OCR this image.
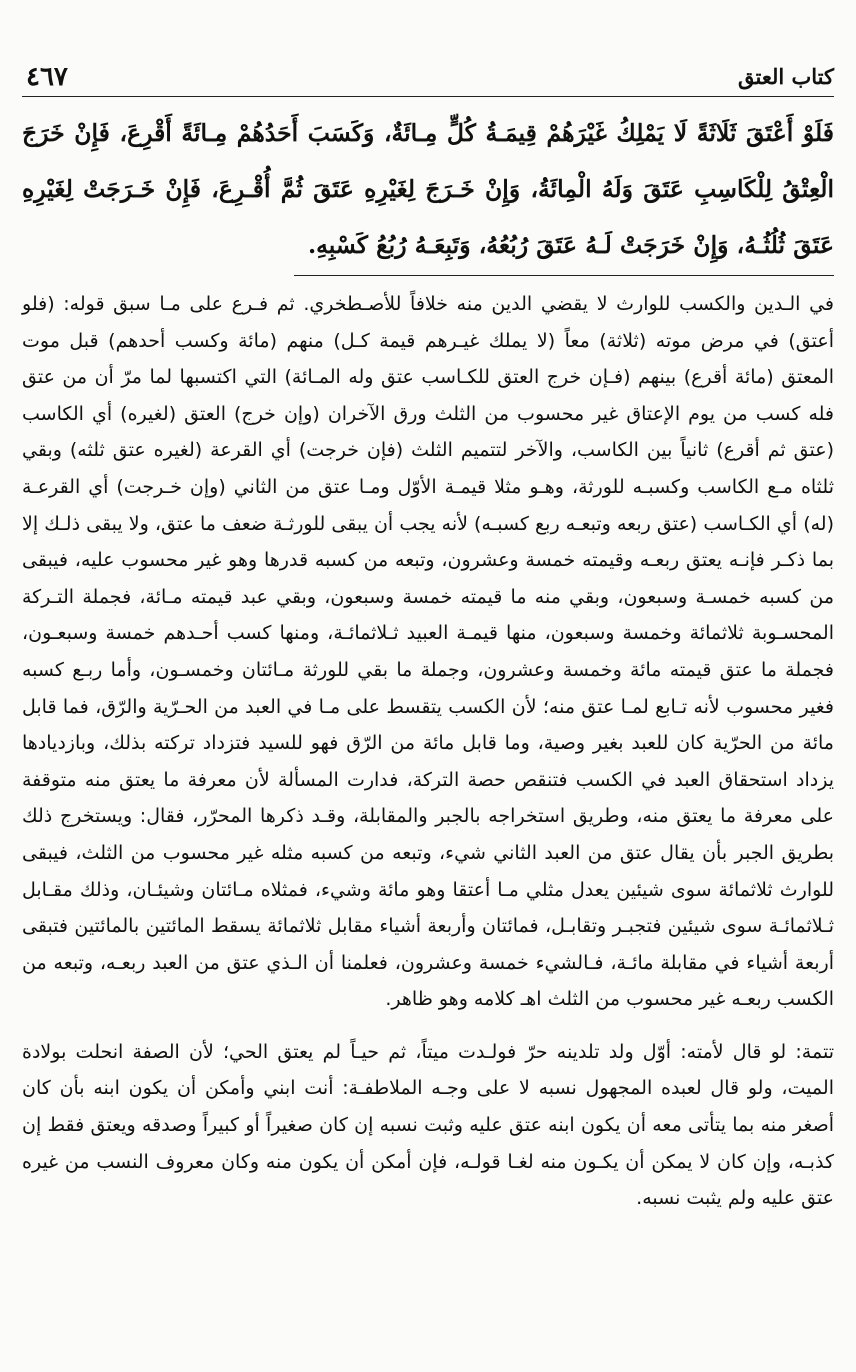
كتاب العتق
٤٦٧
فَلَوْ أَعْتَقَ ثَلَاثَةً لَا يَمْلِكُ غَيْرَهُمْ قِيمَـةُ كُلٍّ مِـائَةٌ، وَكَسَبَ أَحَدُهُمْ مِـائَةً أَقْرِعَ، فَإِنْ خَرَجَ الْعِتْقُ لِلْكَاسِبِ عَتَقَ وَلَهُ الْمِائَةُ، وَإِنْ خَـرَجَ لِغَيْرِهِ عَتَقَ ثُمَّ أُقْـرِعَ، فَإِنْ خَـرَجَتْ لِغَيْرِهِ عَتَقَ ثُلُثُـهُ، وَإِنْ خَرَجَتْ لَـهُ عَتَقَ رُبُعُهُ، وَتَبِعَـهُ رُبُعُ كَسْبِهِ.
في الـدين والكسب للوارث لا يقضي الدين منه خلافاً للأصـطخري. ثم فـرع على مـا سبق قوله: (فلو أعتق) في مرض موته (ثلاثة) معاً (لا يملك غيـرهم قيمة كـل) منهم (مائة وكسب أحدهم) قبل موت المعتق (مائة أقرع) بينهم (فـإن خرج العتق للكـاسب عتق وله المـائة) التي اكتسبها لما مرّ أن من عتق فله كسب من يوم الإعتاق غير محسوب من الثلث ورق الآخران (وإن خرج) العتق (لغيره) أي الكاسب (عتق ثم أقرع) ثانياً بين الكاسب، والآخر لتتميم الثلث (فإن خرجت) أي القرعة (لغيره عتق ثلثه) وبقي ثلثاه مـع الكاسب وكسبـه للورثة، وهـو مثلا قيمـة الأوّل ومـا عتق من الثاني (وإن خـرجت) أي القرعـة (له) أي الكـاسب (عتق ربعه وتبعـه ربع كسبـه) لأنه يجب أن يبقى للورثـة ضعف ما عتق، ولا يبقى ذلـك إلا بما ذكـر فإنـه يعتق ربعـه وقيمته خمسة وعشرون، وتبعه من كسبه قدرها وهو غير محسوب عليه، فيبقى من كسبه خمسـة وسبعون، وبقي منه ما قيمته خمسة وسبعون، وبقي عبد قيمته مـائة، فجملة التـركة المحسـوبة ثلاثمائة وخمسة وسبعون، منها قيمـة العبيد ثـلاثمائـة، ومنها كسب أحـدهم خمسة وسبعـون، فجملة ما عتق قيمته مائة وخمسة وعشرون، وجملة ما بقي للورثة مـائتان وخمسـون، وأما ربـع كسبه فغير محسوب لأنه تـابع لمـا عتق منه؛ لأن الكسب يتقسط على مـا في العبد من الحـرّية والرّق، فما قابل مائة من الحرّية كان للعبد بغير وصية، وما قابل مائة من الرّق فهو للسيد فتزداد تركته بذلك، وبازديادها يزداد استحقاق العبد في الكسب فتنقص حصة التركة، فدارت المسألة لأن معرفة ما يعتق منه متوقفة على معرفة ما يعتق منه، وطريق استخراجه بالجبر والمقابلة، وقـد ذكرها المحرّر، فقال: ويستخرج ذلك بطريق الجبر بأن يقال عتق من العبد الثاني شيء، وتبعه من كسبه مثله غير محسوب من الثلث، فيبقى للوارث ثلاثمائة سوى شيئين يعدل مثلي مـا أعتقا وهو مائة وشيء، فمثلاه مـائتان وشيئـان، وذلك مقـابل ثـلاثمائـة سوى شيئين فتجبـر وتقابـل، فمائتان وأربعة أشياء مقابل ثلاثمائة يسقط المائتين بالمائتين فتبقى أربعة أشياء في مقابلة مائـة، فـالشيء خمسة وعشرون، فعلمنا أن الـذي عتق من العبد ربعـه، وتبعه من الكسب ربعـه غير محسوب من الثلث اهـ كلامه وهو ظاهر.
تتمة: لو قال لأمته: أوّل ولد تلدينه حرّ فولـدت ميتاً، ثم حيـاً لم يعتق الحي؛ لأن الصفة انحلت بولادة الميت، ولو قال لعبده المجهول نسبه لا على وجـه الملاطفـة: أنت ابني وأمكن أن يكون ابنه بأن كان أصغر منه بما يتأتى معه أن يكون ابنه عتق عليه وثبت نسبه إن كان صغيراً أو كبيراً وصدقه ويعتق فقط إن كذبـه، وإن كان لا يمكن أن يكـون منه لغـا قولـه، فإن أمكن أن يكون منه وكان معروف النسب من غيره عتق عليه ولم يثبت نسبه.
